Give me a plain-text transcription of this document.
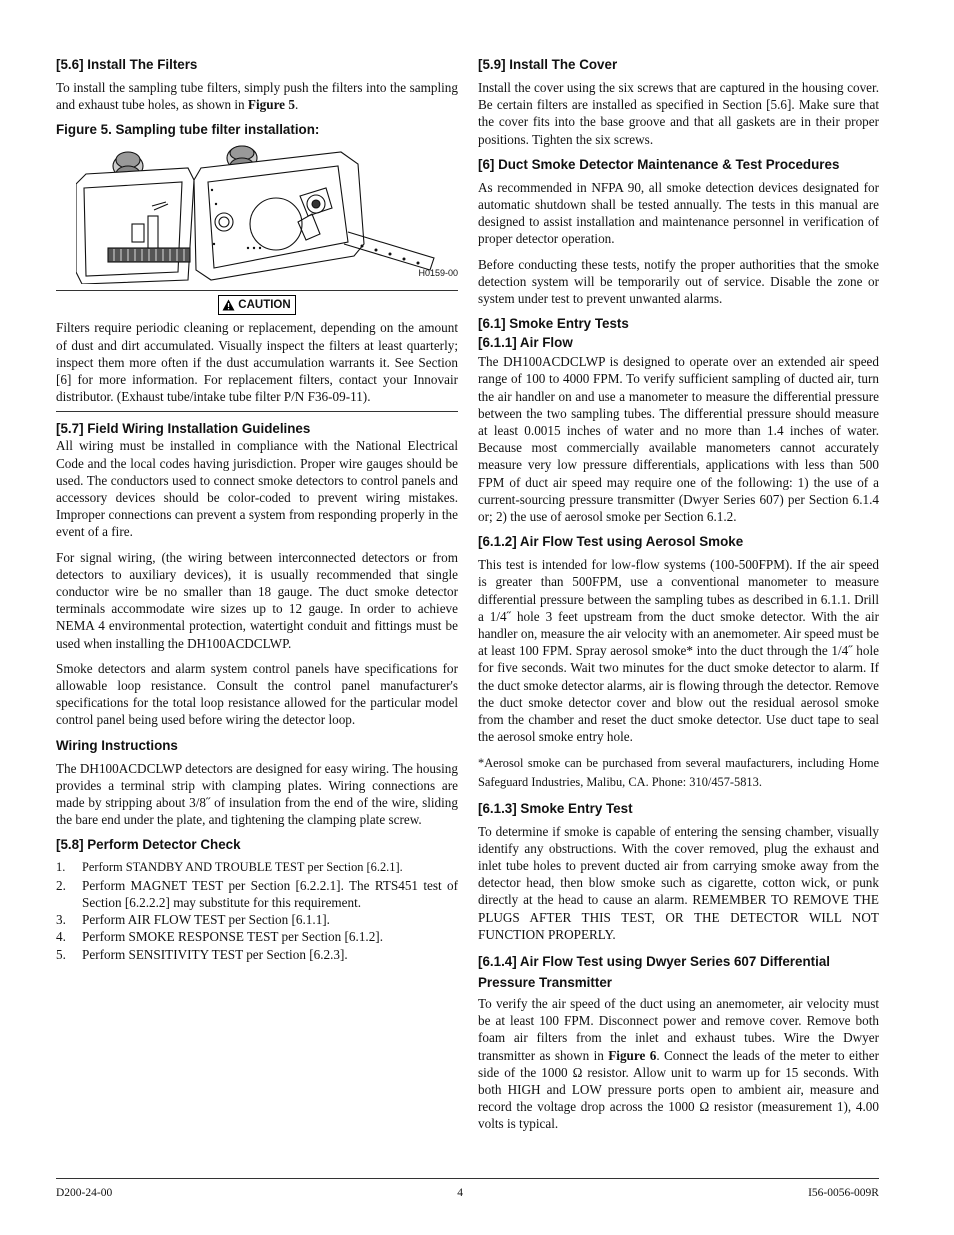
[5.6] Install The Filters

To install the sampling tube filters, simply push the filters into the sampling and exhaust tube holes, as shown in Figure 5.

Figure 5. Sampling tube filter installation:
H0159-00
CAUTION

Filters require periodic cleaning or replacement, depending on the amount of dust and dirt accumulated. Visually inspect the filters at least quarterly; inspect them more often if the dust accumulation warrants it. See Section [6] for more information. For replacement filters, contact your Innovair distributor. (Exhaust tube/intake tube filter P/N F36-09-11).

[5.7] Field Wiring Installation Guidelines

All wiring must be installed in compliance with the National Electrical Code and the local codes having jurisdiction. Proper wire gauges should be used. The conductors used to connect smoke detectors to control panels and accessory devices should be color-coded to prevent wiring mistakes. Improper connections can prevent a system from responding properly in the event of a fire.

For signal wiring, (the wiring between interconnected detectors or from detectors to auxiliary devices), it is usually recommended that single conductor wire be no smaller than 18 gauge. The duct smoke detector terminals accommodate wire sizes up to 12 gauge. In order to achieve NEMA 4 environmental protection, watertight conduit and fittings must be used when installing the DH100ACDCLWP.

Smoke detectors and alarm system control panels have specifications for allowable loop resistance. Consult the control panel manufacturer's specifications for the total loop resistance allowed for the particular model control panel being used before wiring the detector loop.

Wiring Instructions

The DH100ACDCLWP detectors are designed for easy wiring. The housing provides a terminal strip with clamping plates. Wiring connections are made by stripping about 3/8˝ of insulation from the end of the wire, sliding the bare end under the plate, and tightening the clamping plate screw.

[5.8] Perform Detector Check
1.	Perform STANDBY AND TROUBLE TEST per Section [6.2.1].
2.	Perform MAGNET TEST per Section [6.2.2.1]. The RTS451 test of Section [6.2.2.2] may substitute for this requirement.
3.	Perform AIR FLOW TEST per Section [6.1.1].
4.	Perform SMOKE RESPONSE TEST per Section [6.1.2].
5.	Perform SENSITIVITY TEST per Section [6.2.3].
[5.9] Install The Cover

Install the cover using the six screws that are captured in the housing cover. Be certain filters are installed as specified in Section [5.6]. Make sure that the cover fits into the base groove and that all gaskets are in their proper positions. Tighten the six screws.

[6] Duct Smoke Detector Maintenance & Test Procedures

As recommended in NFPA 90, all smoke detection devices designated for automatic shutdown shall be tested annually. The tests in this manual are designed to assist installation and maintenance personnel in verification of proper detector operation.

Before conducting these tests, notify the proper authorities that the smoke detection system will be temporarily out of service. Disable the zone or system under test to prevent unwanted alarms.

[6.1] Smoke Entry Tests
[6.1.1] Air Flow

The DH100ACDCLWP is designed to operate over an extended air speed range of 100 to 4000 FPM. To verify sufficient sampling of ducted air, turn the air handler on and use a manometer to measure the differential pressure between the two sampling tubes. The differential pressure should measure at least 0.0015 inches of water and no more than 1.4 inches of water. Because most commercially available manometers cannot accurately measure very low pressure differentials, applications with less than 500 FPM of duct air speed may require one of the following: 1) the use of a current-sourcing pressure transmitter (Dwyer Series 607) per Section 6.1.4 or; 2) the use of aerosol smoke per Section 6.1.2.

[6.1.2] Air Flow Test using Aerosol Smoke

This test is intended for low-flow systems (100-500FPM). If the air speed is greater than 500FPM, use a conventional manometer to measure differential pressure between the sampling tubes as described in 6.1.1. Drill a 1/4˝ hole 3 feet upstream from the duct smoke detector. With the air handler on, measure the air velocity with an anemometer. Air speed must be at least 100 FPM. Spray aerosol smoke* into the duct through the 1/4˝ hole for five seconds. Wait two minutes for the duct smoke detector to alarm. If the duct smoke detector alarms, air is flowing through the detector. Remove the duct smoke detector cover and blow out the residual aerosol smoke from the chamber and reset the duct smoke detector. Use duct tape to seal the aerosol smoke entry hole.

*Aerosol smoke can be purchased from several maufacturers, including Home Safeguard Industries, Malibu, CA. Phone: 310/457-5813.

[6.1.3] Smoke Entry Test

To determine if smoke is capable of entering the sensing chamber, visually identify any obstructions. With the cover removed, plug the exhaust and inlet tube holes to prevent ducted air from carrying smoke away from the detector head, then blow smoke such as cigarette, cotton wick, or punk directly at the head to cause an alarm. REMEMBER TO REMOVE THE PLUGS AFTER THIS TEST, OR THE DETECTOR WILL NOT FUNCTION PROPERLY.

[6.1.4] Air Flow Test using Dwyer Series 607 Differential Pressure Transmitter

To verify the air speed of the duct using an anemometer, air velocity must be at least 100 FPM. Disconnect power and remove cover. Remove both foam air filters from the inlet and exhaust tubes. Wire the Dwyer transmitter as shown in Figure 6. Connect the leads of the meter to either side of the 1000 Ω resistor. Allow unit to warm up for 15 seconds. With both HIGH and LOW pressure ports open to ambient air, measure and record the voltage drop across the 1000 Ω resistor (measurement 1), 4.00 volts is typical.

D200-24-00	4	I56-0056-009R
